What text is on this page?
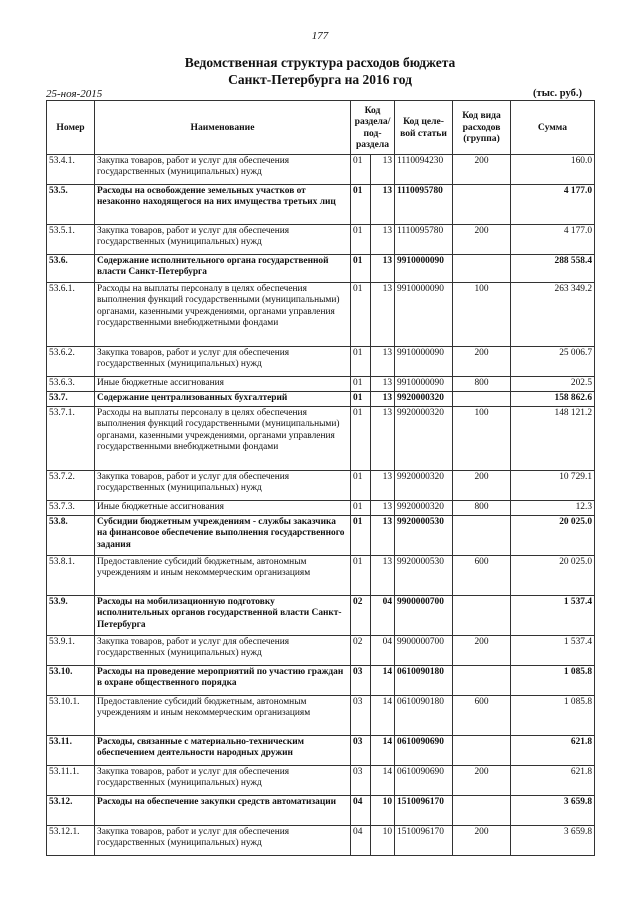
177
Ведомственная структура расходов бюджета
Санкт-Петербурга на 2016 год
25-ноя-2015	(тыс. руб.)
Номер	Наименование	Код раздела/ под- раздела		Код целе- вой статьи	Код вида расходов (группа)	Сумма
53.4.1.	Закупка товаров, работ и услуг для обеспечения государственных (муниципальных) нужд	01	13	1110094230	200	160.0
53.5.	Расходы на освобождение земельных участков от незаконно находящегося на них имущества третьих лиц	01	13	1110095780		4 177.0
53.5.1.	Закупка товаров, работ и услуг для обеспечения государственных (муниципальных) нужд	01	13	1110095780	200	4 177.0
53.6.	Содержание исполнительного органа государственной власти Санкт-Петербурга	01	13	9910000090		288 558.4
53.6.1.	Расходы на выплаты персоналу в целях обеспечения выполнения функций государственными (муниципальными) органами, казенными учреждениями, органами управления государственными внебюджетными фондами	01	13	9910000090	100	263 349.2
53.6.2.	Закупка товаров, работ и услуг для обеспечения государственных (муниципальных) нужд	01	13	9910000090	200	25 006.7
53.6.3.	Иные бюджетные ассигнования	01	13	9910000090	800	202.5
53.7.	Содержание централизованных бухгалтерий	01	13	9920000320		158 862.6
53.7.1.	Расходы на выплаты персоналу в целях обеспечения выполнения функций государственными (муниципальными) органами, казенными учреждениями, органами управления государственными внебюджетными фондами	01	13	9920000320	100	148 121.2
53.7.2.	Закупка товаров, работ и услуг для обеспечения государственных (муниципальных) нужд	01	13	9920000320	200	10 729.1
53.7.3.	Иные бюджетные ассигнования	01	13	9920000320	800	12.3
53.8.	Субсидии бюджетным учреждениям - службы заказчика на финансовое обеспечение выполнения государственного задания	01	13	9920000530		20 025.0
53.8.1.	Предоставление субсидий бюджетным, автономным учреждениям и иным некоммерческим организациям	01	13	9920000530	600	20 025.0
53.9.	Расходы на мобилизационную подготовку исполнительных органов государственной власти Санкт-Петербурга	02	04	9900000700		1 537.4
53.9.1.	Закупка товаров, работ и услуг для обеспечения государственных (муниципальных) нужд	02	04	9900000700	200	1 537.4
53.10.	Расходы на проведение мероприятий по участию граждан в охране общественного порядка	03	14	0610090180		1 085.8
53.10.1.	Предоставление субсидий бюджетным, автономным учреждениям и иным некоммерческим организациям	03	14	0610090180	600	1 085.8
53.11.	Расходы, связанные с материально-техническим обеспечением деятельности народных дружин	03	14	0610090690		621.8
53.11.1.	Закупка товаров, работ и услуг для обеспечения государственных (муниципальных) нужд	03	14	0610090690	200	621.8
53.12.	Расходы на обеспечение закупки средств автоматизации	04	10	1510096170		3 659.8
53.12.1.	Закупка товаров, работ и услуг для обеспечения государственных (муниципальных) нужд	04	10	1510096170	200	3 659.8
